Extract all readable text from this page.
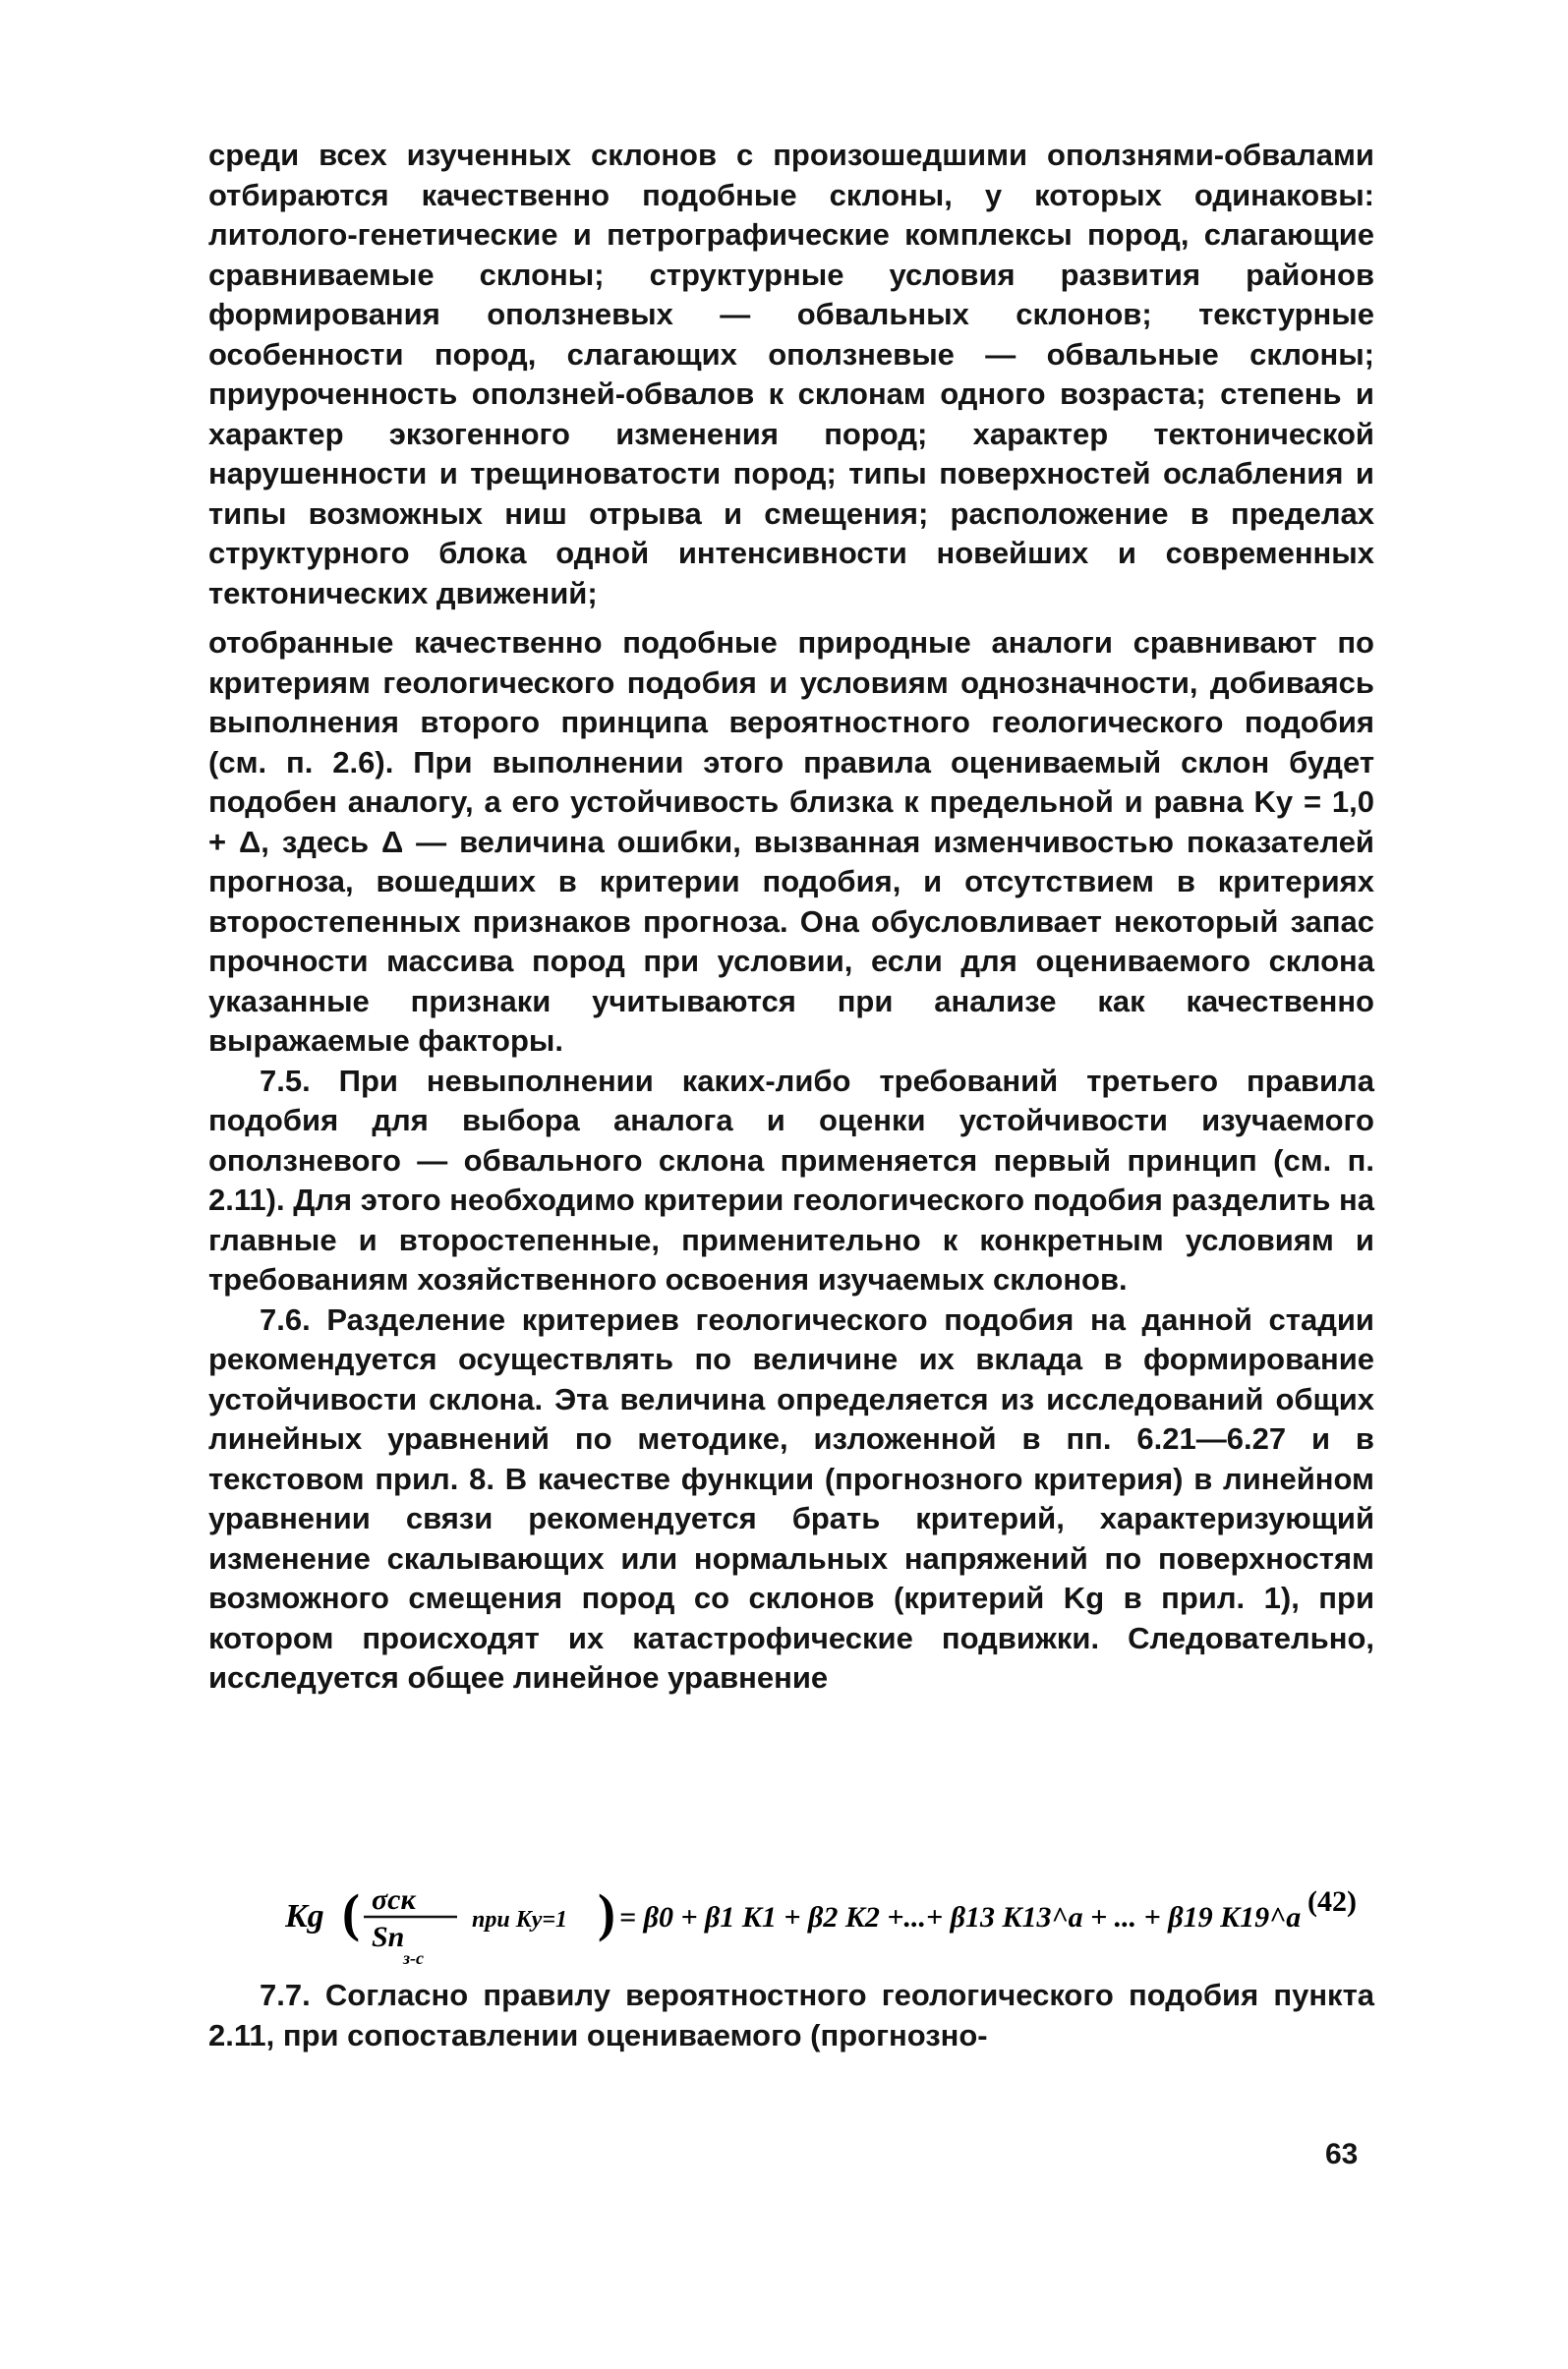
среди всех изученных склонов с произошедшими оползнями-обвалами отбираются качественно подобные склоны, у которых одинаковы: литолого-генетические и петрографические комплексы пород, слагающие сравниваемые склоны; структурные условия развития районов формирования оползневых — обвальных склонов; текстурные особенности пород, слагающих оползневые — обвальные склоны; приуроченность оползней-обвалов к склонам одного возраста; степень и характер экзогенного изменения пород; характер тектонической нарушенности и трещиноватости пород; типы поверхностей ослабления и типы возможных ниш отрыва и смещения; расположение в пределах структурного блока одной интенсивности новейших и современных тектонических движений;

отобранные качественно подобные природные аналоги сравнивают по критериям геологического подобия и условиям однозначности, добиваясь выполнения второго принципа вероятностного геологического подобия (см. п. 2.6). При выполнении этого правила оцениваемый склон будет подобен аналогу, а его устойчивость близка к предельной и равна Kу = 1,0 + Δ, здесь Δ — величина ошибки, вызванная изменчивостью показателей прогноза, вошедших в критерии подобия, и отсутствием в критериях второстепенных признаков прогноза. Она обусловливает некоторый запас прочности массива пород при условии, если для оцениваемого склона указанные признаки учитываются при анализе как качественно выражаемые факторы.

7.5. При невыполнении каких-либо требований третьего правила подобия для выбора аналога и оценки устойчивости изучаемого оползневого — обвального склона применяется первый принцип (см. п. 2.11). Для этого необходимо критерии геологического подобия разделить на главные и второстепенные, применительно к конкретным условиям и требованиям хозяйственного освоения изучаемых склонов.

7.6. Разделение критериев геологического подобия на данной стадии рекомендуется осуществлять по величине их вклада в формирование устойчивости склона. Эта величина определяется из исследований общих линейных уравнений по методике, изложенной в пп. 6.21—6.27 и в текстовом прил. 8. В качестве функции (прогнозного критерия) в линейном уравнении связи рекомендуется брать критерий, характеризующий изменение скалывающих или нормальных напряжений по поверхностям возможного смещения пород со склонов (критерий Kg в прил. 1), при котором происходят их катастрофические подвижки. Следовательно, исследуется общее линейное уравнение

Kg ( σск
Sп
з-с
при Kу=1 ) = β0 + β1 K1 + β2 K2 +...+ β13 K13^a + ... + β19 K19^a (42)

7.7. Согласно правилу вероятностного геологического подобия пункта 2.11, при сопоставлении оцениваемого (прогнозно-

63
